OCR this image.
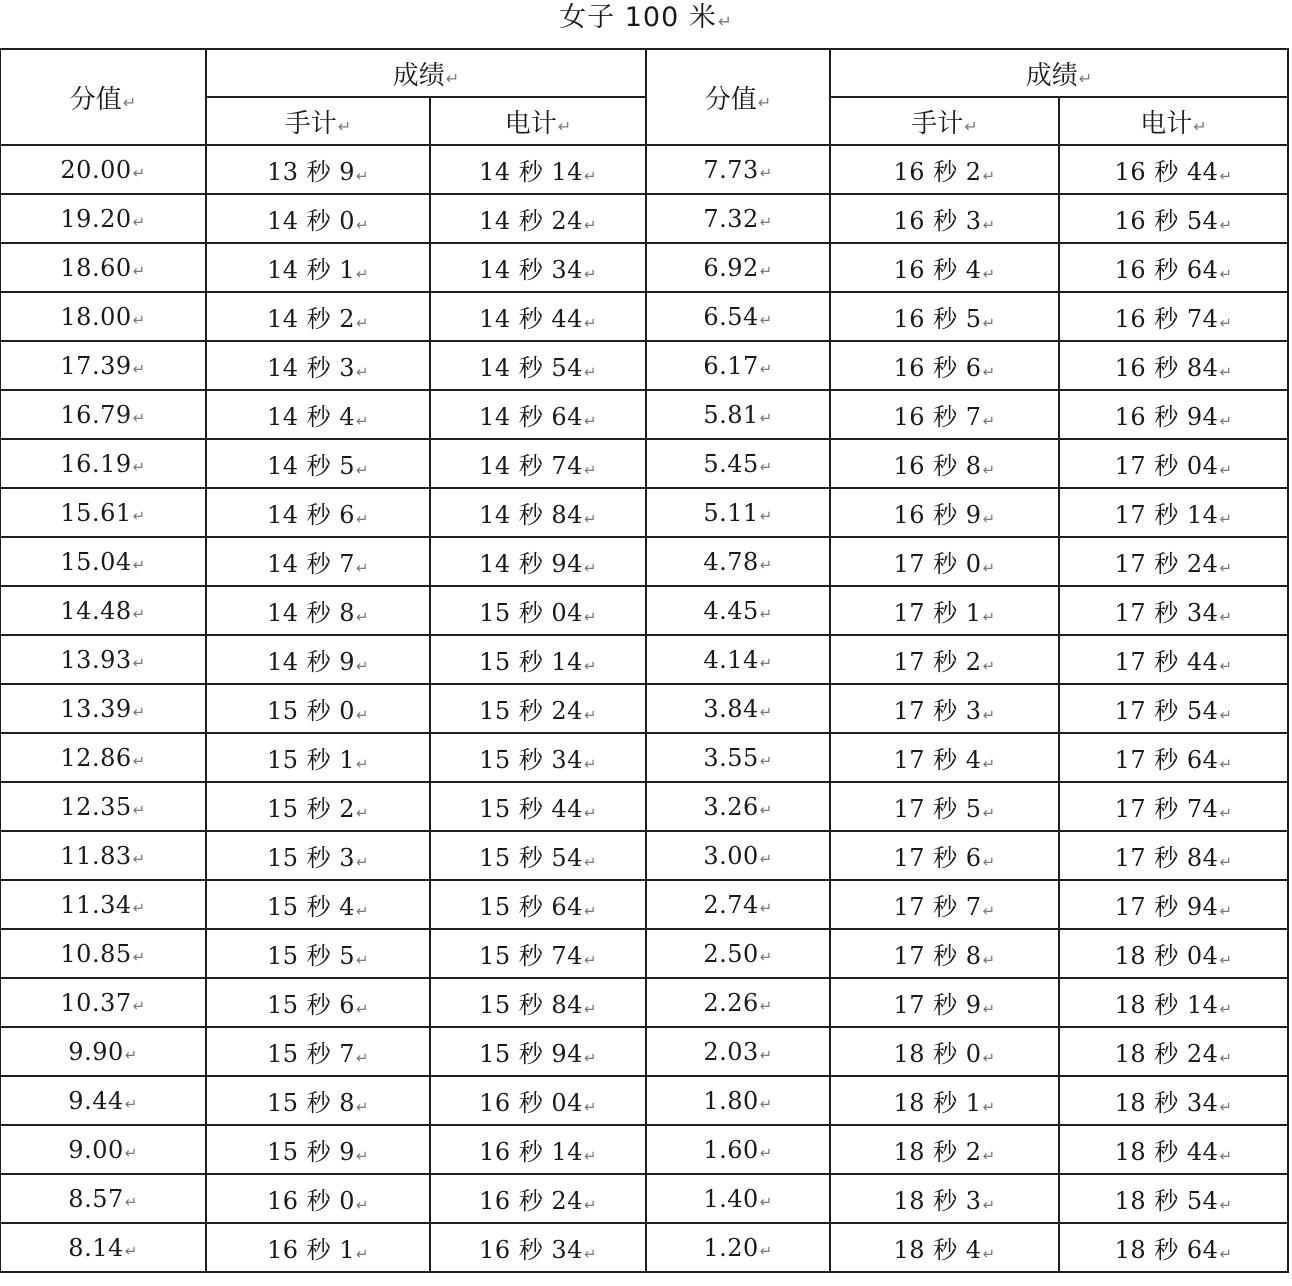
女子 100 米↵
分值↵	成绩↵		分值↵	成绩↵	
	手计↵	电计↵		手计↵	电计↵
20.00↵	13 秒 9↵	14 秒 14↵	7.73↵	16 秒 2↵	16 秒 44↵
19.20↵	14 秒 0↵	14 秒 24↵	7.32↵	16 秒 3↵	16 秒 54↵
18.60↵	14 秒 1↵	14 秒 34↵	6.92↵	16 秒 4↵	16 秒 64↵
18.00↵	14 秒 2↵	14 秒 44↵	6.54↵	16 秒 5↵	16 秒 74↵
17.39↵	14 秒 3↵	14 秒 54↵	6.17↵	16 秒 6↵	16 秒 84↵
16.79↵	14 秒 4↵	14 秒 64↵	5.81↵	16 秒 7↵	16 秒 94↵
16.19↵	14 秒 5↵	14 秒 74↵	5.45↵	16 秒 8↵	17 秒 04↵
15.61↵	14 秒 6↵	14 秒 84↵	5.11↵	16 秒 9↵	17 秒 14↵
15.04↵	14 秒 7↵	14 秒 94↵	4.78↵	17 秒 0↵	17 秒 24↵
14.48↵	14 秒 8↵	15 秒 04↵	4.45↵	17 秒 1↵	17 秒 34↵
13.93↵	14 秒 9↵	15 秒 14↵	4.14↵	17 秒 2↵	17 秒 44↵
13.39↵	15 秒 0↵	15 秒 24↵	3.84↵	17 秒 3↵	17 秒 54↵
12.86↵	15 秒 1↵	15 秒 34↵	3.55↵	17 秒 4↵	17 秒 64↵
12.35↵	15 秒 2↵	15 秒 44↵	3.26↵	17 秒 5↵	17 秒 74↵
11.83↵	15 秒 3↵	15 秒 54↵	3.00↵	17 秒 6↵	17 秒 84↵
11.34↵	15 秒 4↵	15 秒 64↵	2.74↵	17 秒 7↵	17 秒 94↵
10.85↵	15 秒 5↵	15 秒 74↵	2.50↵	17 秒 8↵	18 秒 04↵
10.37↵	15 秒 6↵	15 秒 84↵	2.26↵	17 秒 9↵	18 秒 14↵
9.90↵	15 秒 7↵	15 秒 94↵	2.03↵	18 秒 0↵	18 秒 24↵
9.44↵	15 秒 8↵	16 秒 04↵	1.80↵	18 秒 1↵	18 秒 34↵
9.00↵	15 秒 9↵	16 秒 14↵	1.60↵	18 秒 2↵	18 秒 44↵
8.57↵	16 秒 0↵	16 秒 24↵	1.40↵	18 秒 3↵	18 秒 54↵
8.14↵	16 秒 1↵	16 秒 34↵	1.20↵	18 秒 4↵	18 秒 64↵
